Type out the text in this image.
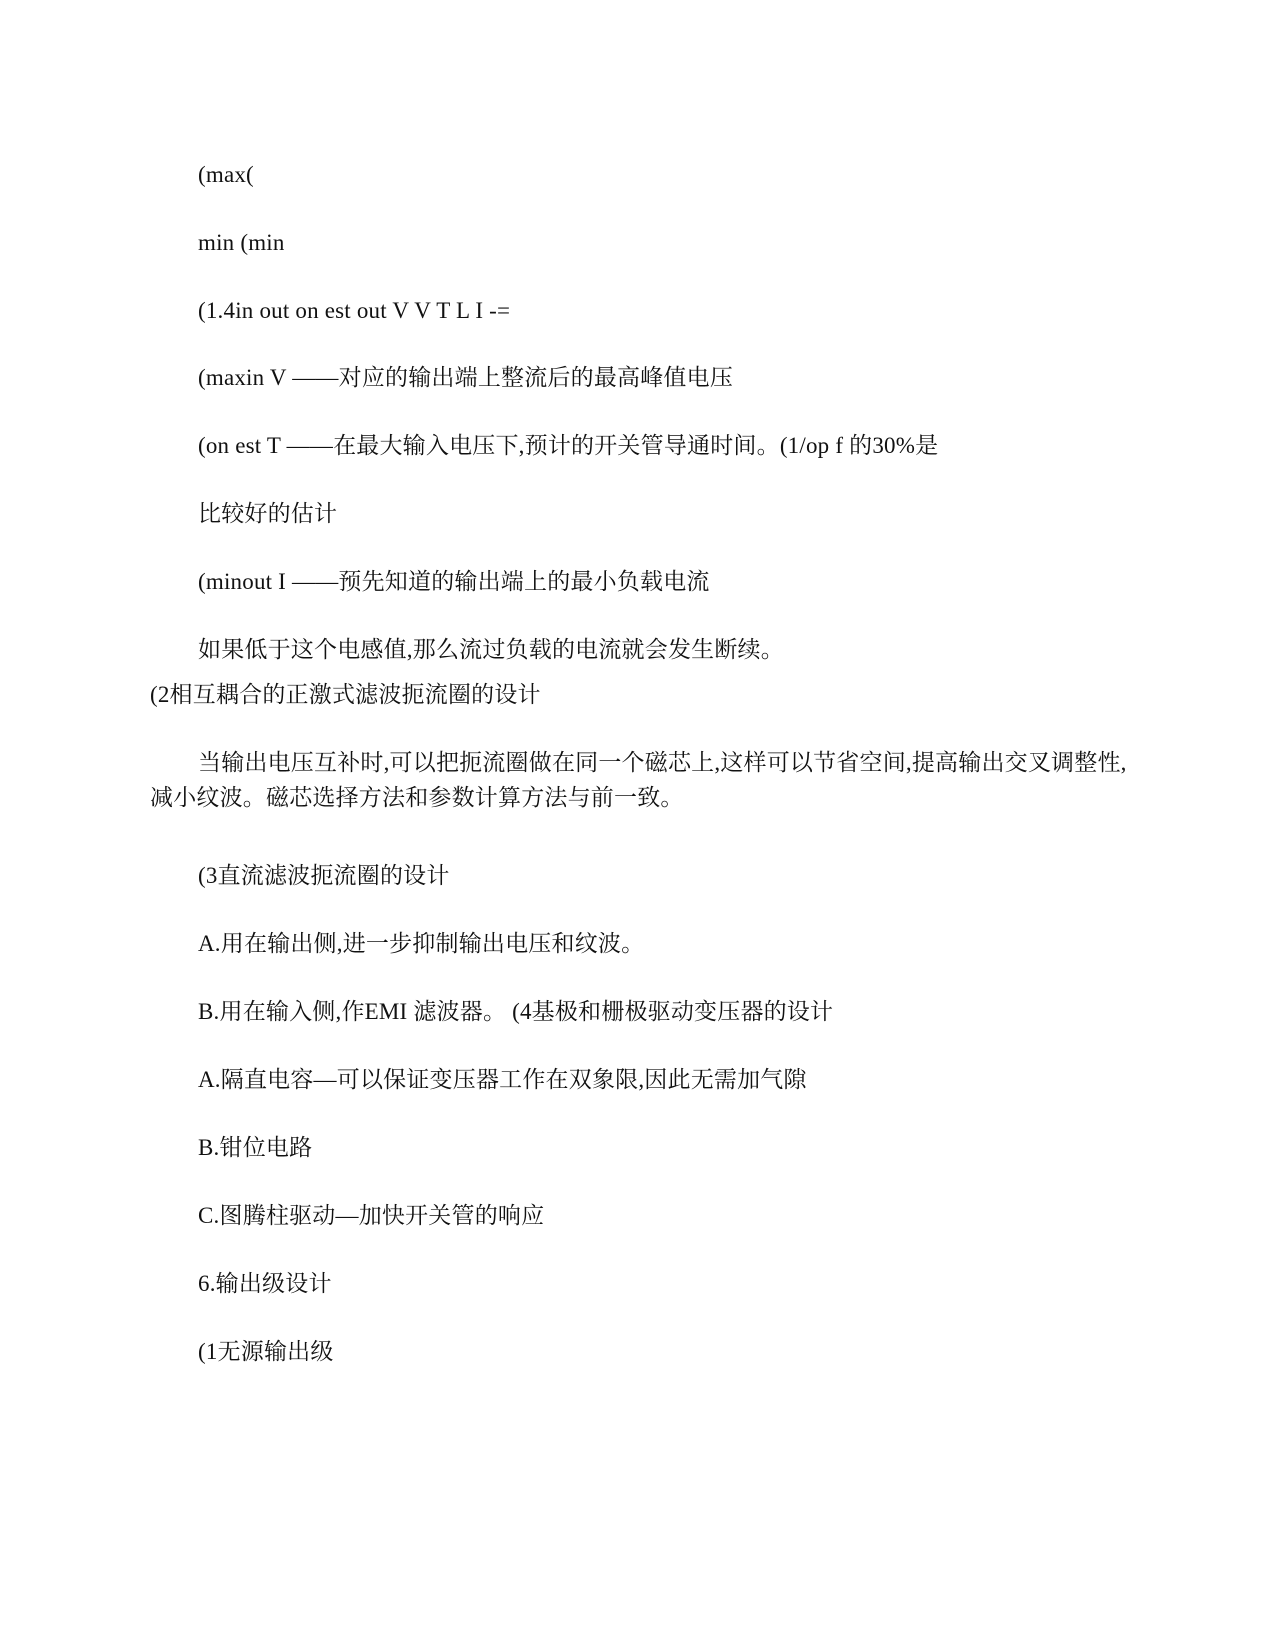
(max(
min (min
(1.4in out on est out V V T L I -=
(maxin V ——对应的输出端上整流后的最高峰值电压
(on est T ——在最大输入电压下,预计的开关管导通时间。(1/op f 的30%是
比较好的估计
(minout I ——预先知道的输出端上的最小负载电流
如果低于这个电感值,那么流过负载的电流就会发生断续。
(2相互耦合的正激式滤波扼流圈的设计
当输出电压互补时,可以把扼流圈做在同一个磁芯上,这样可以节省空间,提高输出交叉调整性,减小纹波。磁芯选择方法和参数计算方法与前一致。
(3直流滤波扼流圈的设计
A.用在输出侧,进一步抑制输出电压和纹波。
B.用在输入侧,作EMI 滤波器。 (4基极和栅极驱动变压器的设计
A.隔直电容—可以保证变压器工作在双象限,因此无需加气隙
B.钳位电路
C.图腾柱驱动—加快开关管的响应
6.输出级设计
(1无源输出级
